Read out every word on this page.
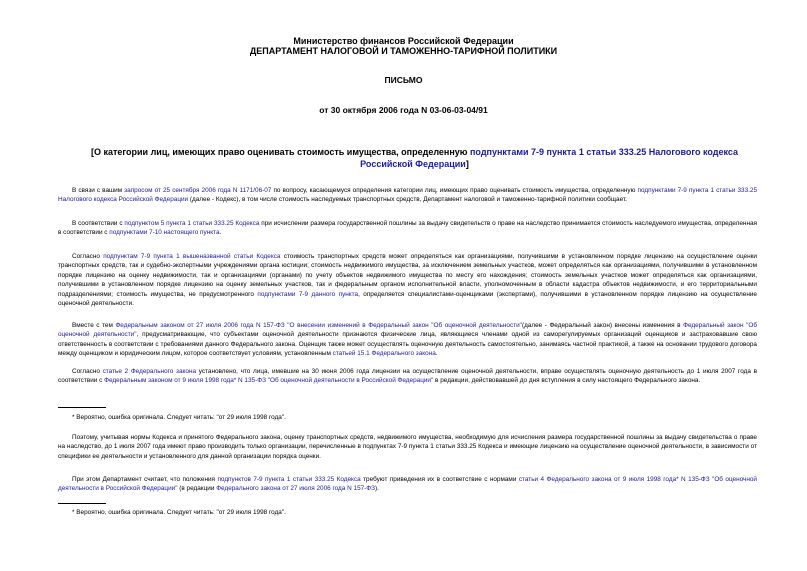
Министерство финансов Российской Федерации
ДЕПАРТАМЕНТ НАЛОГОВОЙ И ТАМОЖЕННО-ТАРИФНОЙ ПОЛИТИКИ
ПИСЬМО
от 30 октября 2006 года N 03-06-03-04/91
[О категории лиц, имеющих право оценивать стоимость имущества, определенную подпунктами 7-9 пункта 1 статьи 333.25 Налогового кодекса Российской Федерации]

В связи с вашим запросом от 25 сентября 2006 года N 1171/06-07 по вопросу, касающемуся определения категории лиц, имеющих право оценивать стоимость имущества, определенную подпунктами 7-9 пункта 1 статьи 333.25 Налогового кодекса Российской Федерации (далее - Кодекс), в том числе стоимость наследуемых транспортных средств, Департамент налоговой и таможенно-тарифной политики сообщает.

В соответствии с подпунктом 5 пункта 1 статьи 333.25 Кодекса при исчислении размера государственной пошлины за выдачу свидетельств о праве на наследство принимается стоимость наследуемого имущества, определенная в соответствии с подпунктами 7-10 настоящего пункта.

Согласно подпунктам 7-9 пункта 1 вышеназванной статьи Кодекса стоимость транспортных средств может определяться как организациями, получившими в установленном порядке лицензию на осуществление оценки транспортных средств, так и судебно-экспертными учреждениями органа юстиции; стоимость недвижимого имущества, за исключением земельных участков, может определяться как организациями, получившими в установленном порядке лицензию на оценку недвижимости, так и организациями (органами) по учету объектов недвижимого имущества по месту его нахождения; стоимость земельных участков может определяться как организациями, получившими в установленном порядке лицензию на оценку земельных участков, так и федеральным органом исполнительной власти, уполномоченным в области кадастра объектов недвижимости, и его территориальными подразделениями; стоимость имущества, не предусмотренного подпунктами 7-9 данного пункта, определяется специалистами-оценщиками (экспертами), получившими в установленном порядке лицензию на осуществление оценочной деятельности.

Вместе с тем Федеральным законом от 27 июля 2006 года N 157-ФЗ "О внесении изменений в Федеральный закон "Об оценочной деятельности"(далее - Федеральный закон) внесены изменения в Федеральный закон "Об оценочной деятельности", предусматривающие, что субъектами оценочной деятельности признаются физические лица, являющиеся членами одной из саморегулируемых организаций оценщиков и застраховавшие свою ответственность в соответствии с требованиями данного Федерального закона. Оценщик также может осуществлять оценочную деятельность самостоятельно, занимаясь частной практикой, а также на основании трудового договора между оценщиком и юридическим лицом, которое соответствует условиям, установленным статьей 15.1 Федерального закона.

Согласно статье 2 Федерального закона установлено, что лица, имевшие на 30 июня 2006 года лицензии на осуществление оценочной деятельности, вправе осуществлять оценочную деятельность до 1 июля 2007 года в соответствии с Федеральным законом от 9 июля 1998 года* N 135-ФЗ "Об оценочной деятельности в Российской Федерации" в редакции, действовавшей до дня вступления в силу настоящего Федерального закона.

* Вероятно, ошибка оригинала. Следует читать: "от 29 июля 1998 года".

Поэтому, учитывая нормы Кодекса и принятого Федерального закона, оценку транспортных средств, недвижимого имущества, необходимую для исчисления размера государственной пошлины за выдачу свидетельства о праве на наследство, до 1 июля 2007 года имеют право производить только организации, перечисленные в подпунктах 7-9 пункта 1 статьи 333.25 Кодекса и имеющие лицензию на осуществление оценочной деятельности, в зависимости от специфики ее деятельности и установленного для данной организации порядка оценки.

При этом Департамент считает, что положения подпунктов 7-9 пункта 1 статьи 333.25 Кодекса требуют приведения их в соответствие с нормами статьи 4 Федерального закона от 9 июля 1998 года* N 135-ФЗ "Об оценочной деятельности в Российской Федерации" (в редакции Федерального закона от 27 июля 2006 года N 157-ФЗ).

* Вероятно, ошибка оригинала. Следует читать: "от 29 июля 1998 года".
